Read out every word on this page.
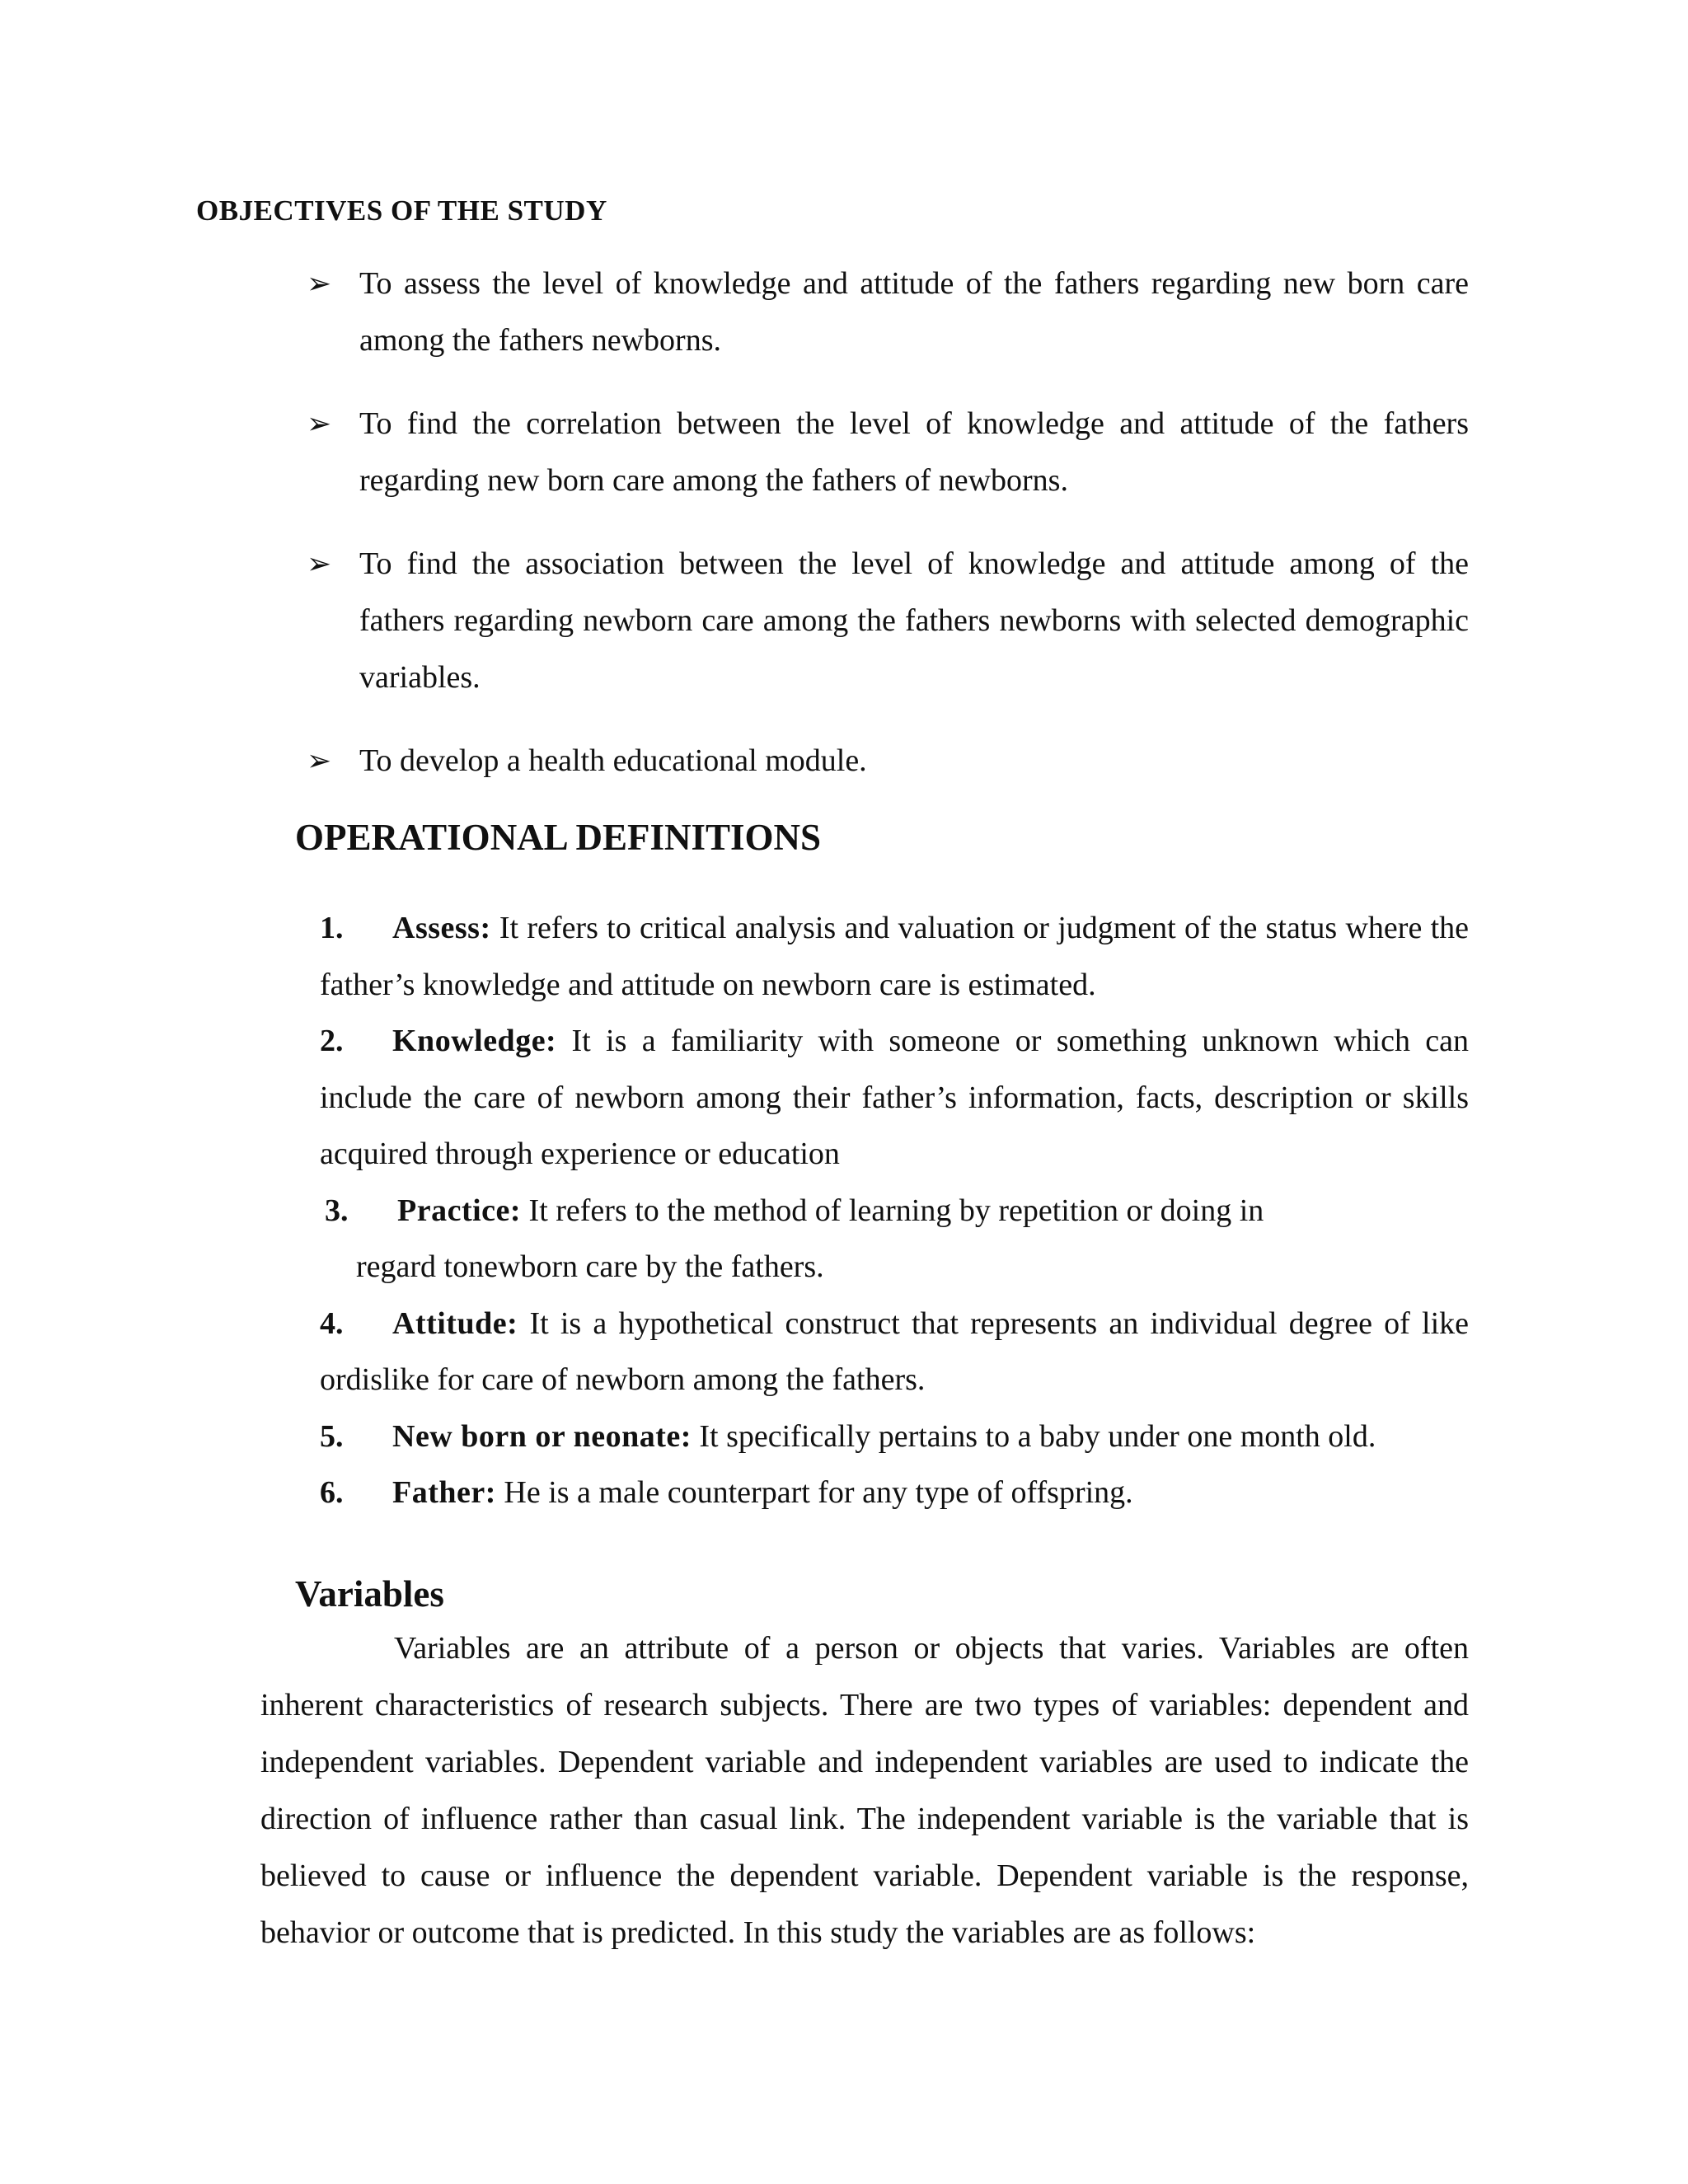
OBJECTIVES OF THE STUDY
➢ To assess the level of knowledge and attitude of the fathers regarding new born care among the fathers newborns.
➢ To find the correlation between the level of knowledge and attitude of the fathers regarding new born care among the fathers of newborns.
➢ To find the association between the level of knowledge and attitude among of the fathers regarding newborn care among the fathers newborns with selected demographic variables.
➢ To develop a health educational module.
OPERATIONAL DEFINITIONS
1. Assess: It refers to critical analysis and valuation or judgment of the status where the father’s knowledge and attitude on newborn care is estimated.
2. Knowledge: It is a familiarity with someone or something unknown which can include the care of newborn among their father’s information, facts, description or skills acquired through experience or education
3. Practice: It refers to the method of learning by repetition or doing in
regard tonewborn care by the fathers.
4. Attitude: It is a hypothetical construct that represents an individual degree of like ordislike for care of newborn among the fathers.
5. New born or neonate: It specifically pertains to a baby under one month old.
6. Father: He is a male counterpart for any type of offspring.
Variables

Variables are an attribute of a person or objects that varies. Variables are often inherent characteristics of research subjects. There are two types of variables: dependent and independent variables. Dependent variable and independent variables are used to indicate the direction of influence rather than casual link. The independent variable is the variable that is believed to cause or influence the dependent variable. Dependent variable is the response, behavior or outcome that is predicted. In this study the variables are as follows:
